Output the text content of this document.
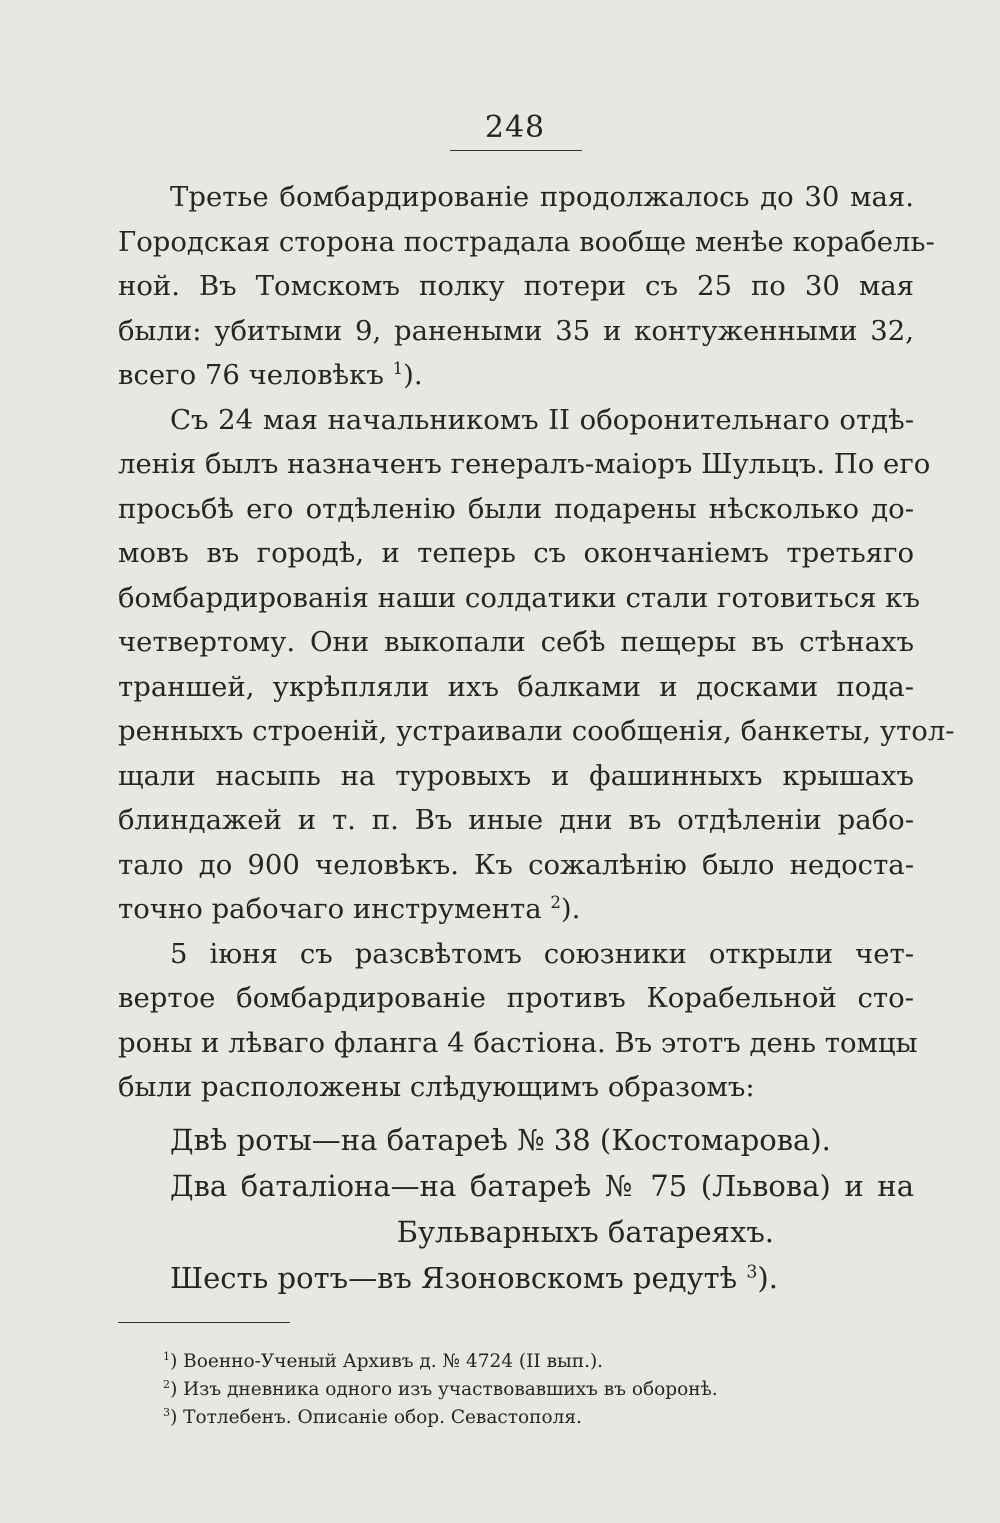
248
Третье бомбардированіе продолжалось до 30 мая.
Городская сторона пострадала вообще менѣе корабель-
ной. Въ Томскомъ полку потери съ 25 по 30 мая
были: убитыми 9, ранеными 35 и контуженными 32,
всего 76 человѣкъ $^1$).
Съ 24 мая начальникомъ II оборонительнаго отдѣ-
ленія былъ назначенъ генералъ-маіоръ Шульцъ. По его
просьбѣ его отдѣленію были подарены нѣсколько до-
мовъ въ городѣ, и теперь съ окончаніемъ третьяго
бомбардированія наши солдатики стали готовиться къ
четвертому. Они выкопали себѣ пещеры въ стѣнахъ
траншей, укрѣпляли ихъ балками и досками пода-
ренныхъ строеній, устраивали сообщенія, банкеты, утол-
щали насыпь на туровыхъ и фашинныхъ крышахъ
блиндажей и т. п. Въ иные дни въ отдѣленіи рабо-
тало до 900 человѣкъ. Къ сожалѣнію было недоста-
точно рабочаго инструмента $^2$).
5 іюня съ разсвѣтомъ союзники открыли чет-
вертое бомбардированіе противъ Корабельной сто-
роны и лѣваго фланга 4 бастіона. Въ этотъ день томцы
были расположены слѣдующимъ образомъ:
Двѣ роты—на батареѣ № 38 (Костомарова).
Два баталіона—на батареѣ № 75 (Львова) и на
Бульварныхъ батареяхъ.
Шесть ротъ—въ Язоновскомъ редутѣ $^3$).
$^1$) Военно-Ученый Архивъ д. № 4724 (II вып.).
$^2$) Изъ дневника одного изъ участвовавшихъ въ оборонѣ.
$^3$) Тотлебенъ. Описаніе обор. Севастополя.
